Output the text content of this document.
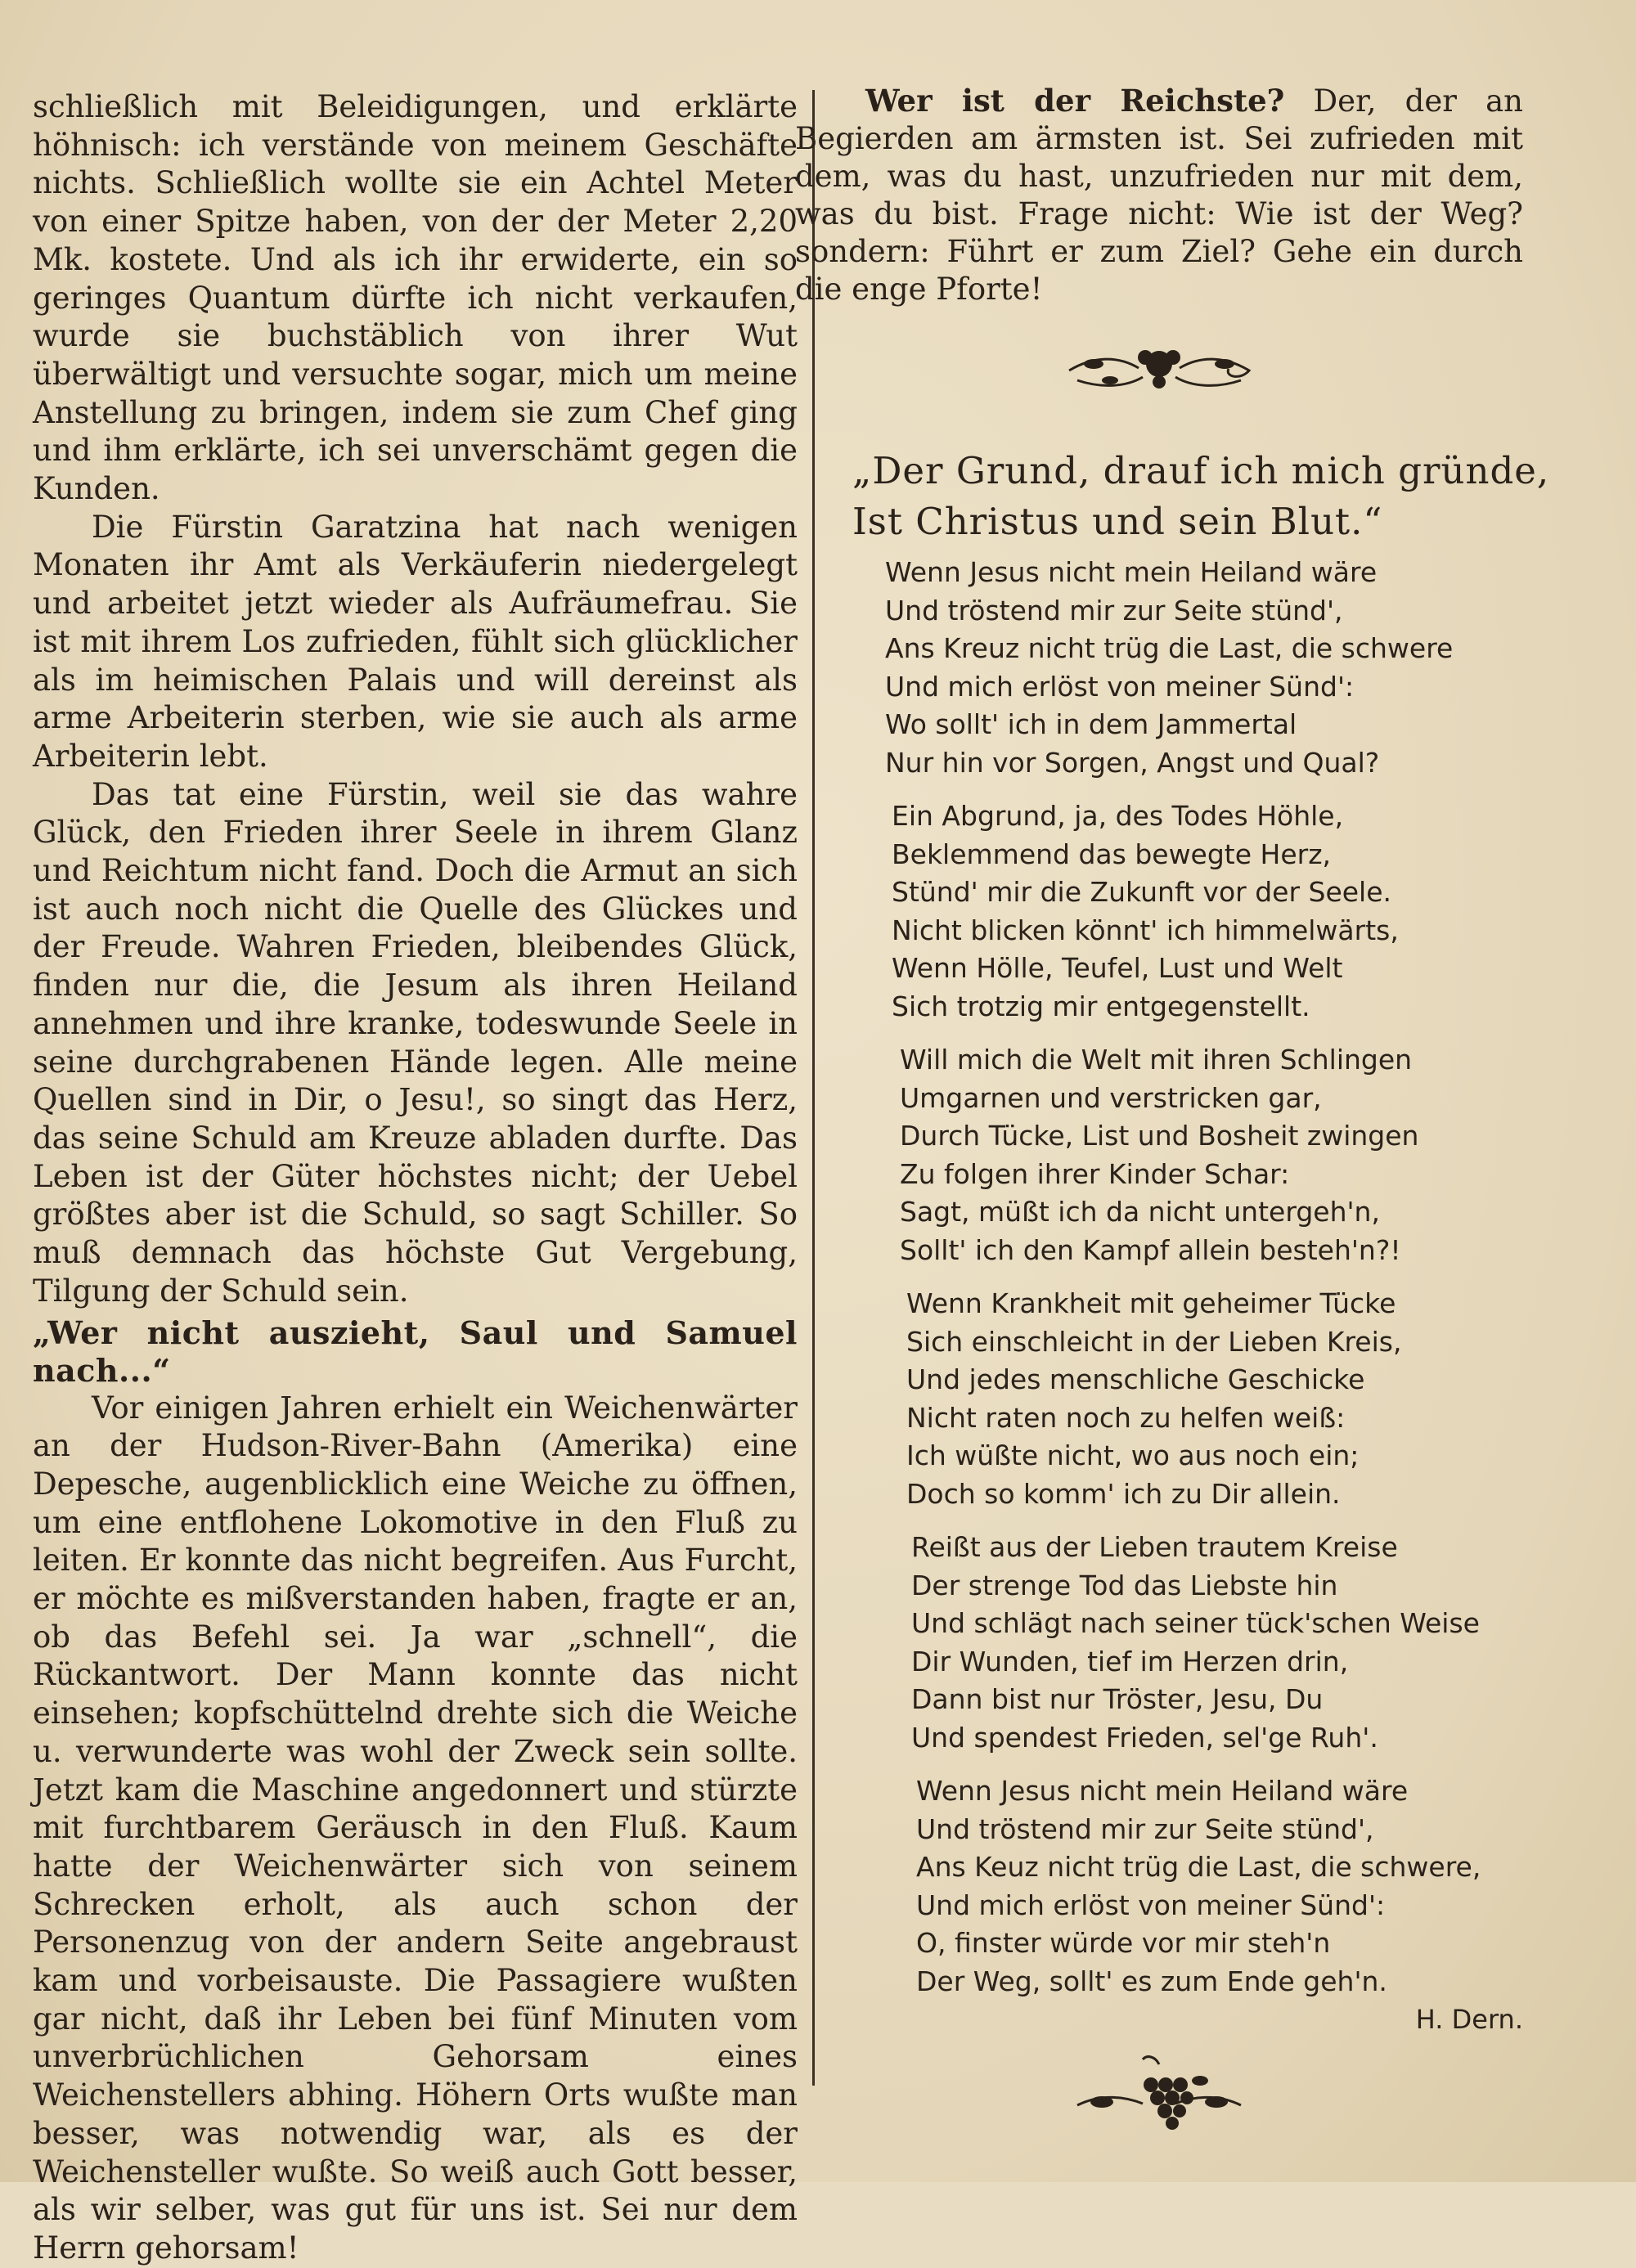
schließlich mit Beleidigungen, und erklärte höhnisch: ich verstände von meinem Geschäfte nichts. Schließlich wollte sie ein Achtel Meter von einer Spitze haben, von der der Meter 2,20 Mk. kostete. Und als ich ihr erwiderte, ein so geringes Quantum dürfte ich nicht verkaufen, wurde sie buchstäblich von ihrer Wut überwältigt und versuchte sogar, mich um meine Anstellung zu bringen, indem sie zum Chef ging und ihm erklärte, ich sei unverschämt gegen die Kunden.

Die Fürstin Garatzina hat nach wenigen Monaten ihr Amt als Verkäuferin niedergelegt und arbeitet jetzt wieder als Aufräumefrau. Sie ist mit ihrem Los zufrieden, fühlt sich glücklicher als im heimischen Palais und will dereinst als arme Arbeiterin sterben, wie sie auch als arme Arbeiterin lebt.

Das tat eine Fürstin, weil sie das wahre Glück, den Frieden ihrer Seele in ihrem Glanz und Reichtum nicht fand. Doch die Armut an sich ist auch noch nicht die Quelle des Glückes und der Freude. Wahren Frieden, bleibendes Glück, finden nur die, die Jesum als ihren Heiland annehmen und ihre kranke, todeswunde Seele in seine durchgrabenen Hände legen. Alle meine Quellen sind in Dir, o Jesu!, so singt das Herz, das seine Schuld am Kreuze abladen durfte. Das Leben ist der Güter höchstes nicht; der Uebel größtes aber ist die Schuld, so sagt Schiller. So muß demnach das höchste Gut Vergebung, Tilgung der Schuld sein.

„Wer nicht auszieht, Saul und Samuel nach...“

Vor einigen Jahren erhielt ein Weichenwärter an der Hudson-River-Bahn (Amerika) eine Depesche, augenblicklich eine Weiche zu öffnen, um eine entflohene Lokomotive in den Fluß zu leiten. Er konnte das nicht begreifen. Aus Furcht, er möchte es mißverstanden haben, fragte er an, ob das Befehl sei. Ja war „schnell“, die Rückantwort. Der Mann konnte das nicht einsehen; kopfschüttelnd drehte sich die Weiche u. verwunderte was wohl der Zweck sein sollte. Jetzt kam die Maschine angedonnert und stürzte mit furchtbarem Geräusch in den Fluß. Kaum hatte der Weichenwärter sich von seinem Schrecken erholt, als auch schon der Personenzug von der andern Seite angebraust kam und vorbeisauste. Die Passagiere wußten gar nicht, daß ihr Leben bei fünf Minuten vom unverbrüchlichen Gehorsam eines Weichenstellers abhing. Höhern Orts wußte man besser, was notwendig war, als es der Weichensteller wußte. So weiß auch Gott besser, als wir selber, was gut für uns ist. Sei nur dem Herrn gehorsam!

Wer ist der Reichste? Der, der an Begierden am ärmsten ist. Sei zufrieden mit dem, was du hast, unzufrieden nur mit dem, was du bist. Frage nicht: Wie ist der Weg? sondern: Führt er zum Ziel? Gehe ein durch die enge Pforte!
„Der Grund, drauf ich mich gründe,
Ist Christus und sein Blut.“
Wenn Jesus nicht mein Heiland wäre
Und tröstend mir zur Seite stünd',
Ans Kreuz nicht trüg die Last, die schwere
Und mich erlöst von meiner Sünd':
Wo sollt' ich in dem Jammertal
Nur hin vor Sorgen, Angst und Qual?
Ein Abgrund, ja, des Todes Höhle,
Beklemmend das bewegte Herz,
Stünd' mir die Zukunft vor der Seele.
Nicht blicken könnt' ich himmelwärts,
Wenn Hölle, Teufel, Lust und Welt
Sich trotzig mir entgegenstellt.
Will mich die Welt mit ihren Schlingen
Umgarnen und verstricken gar,
Durch Tücke, List und Bosheit zwingen
Zu folgen ihrer Kinder Schar:
Sagt, müßt ich da nicht untergeh'n,
Sollt' ich den Kampf allein besteh'n?!
Wenn Krankheit mit geheimer Tücke
Sich einschleicht in der Lieben Kreis,
Und jedes menschliche Geschicke
Nicht raten noch zu helfen weiß:
Ich wüßte nicht, wo aus noch ein;
Doch so komm' ich zu Dir allein.
Reißt aus der Lieben trautem Kreise
Der strenge Tod das Liebste hin
Und schlägt nach seiner tück'schen Weise
Dir Wunden, tief im Herzen drin,
Dann bist nur Tröster, Jesu, Du
Und spendest Frieden, sel'ge Ruh'.
Wenn Jesus nicht mein Heiland wäre
Und tröstend mir zur Seite stünd',
Ans Keuz nicht trüg die Last, die schwere,
Und mich erlöst von meiner Sünd':
O, finster würde vor mir steh'n
Der Weg, sollt' es zum Ende geh'n.
H. Dern.
